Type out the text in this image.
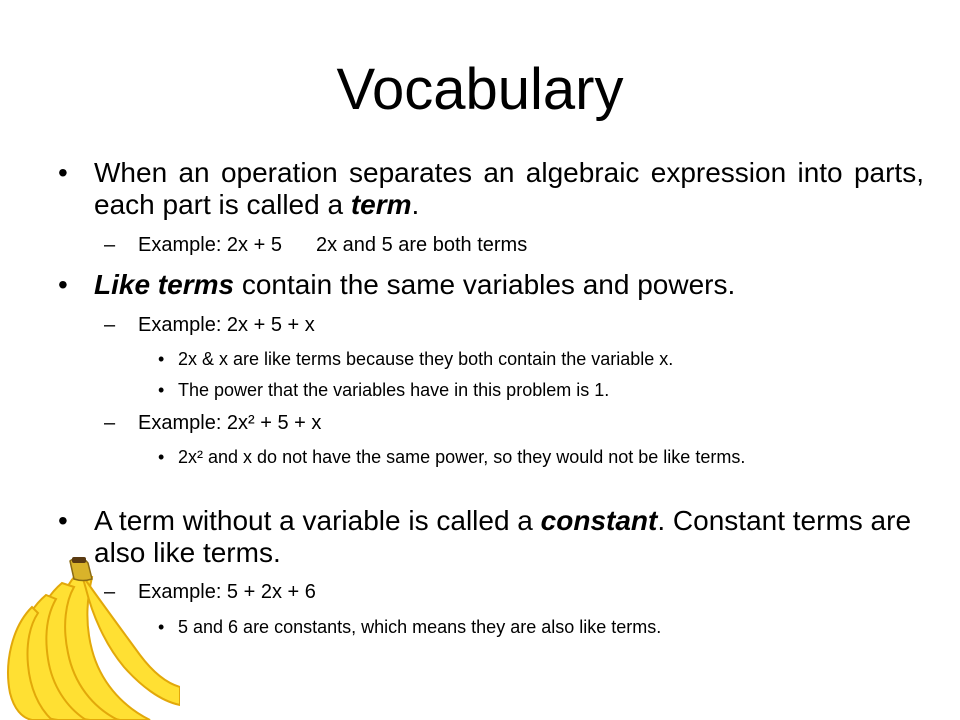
Vocabulary
• When an operation separates an algebraic expression into parts, each part is called a term.
– Example: 2x + 5 2x and 5 are both terms
• Like terms contain the same variables and powers.
– Example: 2x + 5 + x
• 2x & x are like terms because they both contain the variable x.
• The power that the variables have in this problem is 1.
– Example: 2x² + 5 + x
• 2x² and x do not have the same power, so they would not be like terms.
• A term without a variable is called a constant. Constant terms are also like terms.
– Example: 5 + 2x + 6
• 5 and 6 are constants, which means they are also like terms.
